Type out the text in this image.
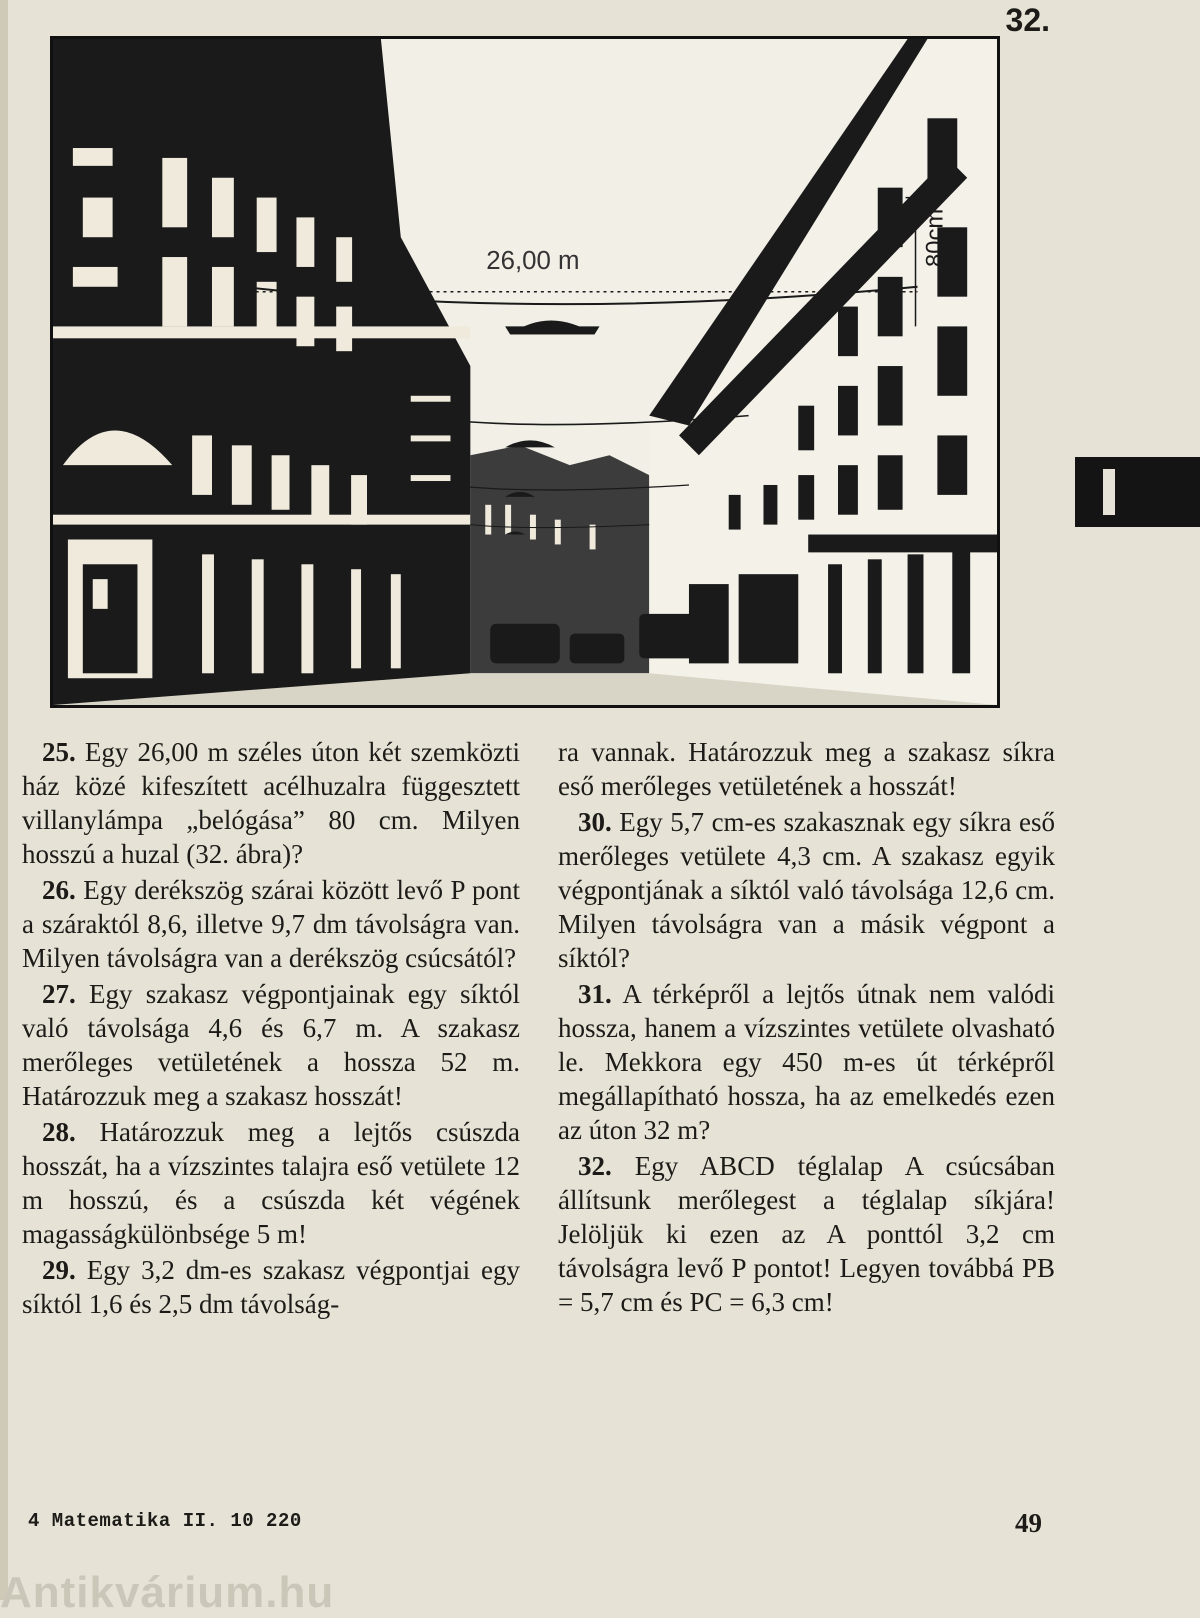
32.
26,00 m	80cm

25. Egy 26,00 m széles úton két szemközti ház közé kifeszített acélhuzalra függesztett villanylámpa „belógása” 80 cm. Milyen hosszú a huzal (32. ábra)?

26. Egy derékszög szárai között levő P pont a száraktól 8,6, illetve 9,7 dm távolságra van. Milyen távolságra van a derékszög csúcsától?

27. Egy szakasz végpontjainak egy síktól való távolsága 4,6 és 6,7 m. A szakasz merőleges vetületének a hossza 52 m. Határozzuk meg a szakasz hosszát!

28. Határozzuk meg a lejtős csúszda hosszát, ha a vízszintes talajra eső vetülete 12 m hosszú, és a csúszda két végének magasságkülönbsége 5 m!

29. Egy 3,2 dm-es szakasz végpontjai egy síktól 1,6 és 2,5 dm távolság-

ra vannak. Határozzuk meg a szakasz síkra eső merőleges vetületének a hosszát!

30. Egy 5,7 cm-es szakasznak egy síkra eső merőleges vetülete 4,3 cm. A szakasz egyik végpontjának a síktól való távolsága 12,6 cm. Milyen távolságra van a másik végpont a síktól?

31. A térképről a lejtős útnak nem valódi hossza, hanem a vízszintes vetülete olvasható le. Mekkora egy 450 m-es út térképről megállapítható hossza, ha az emelkedés ezen az úton 32 m?

32. Egy ABCD téglalap A csúcsában állítsunk merőlegest a téglalap síkjára! Jelöljük ki ezen az A ponttól 3,2 cm távolságra levő P pontot! Legyen továbbá PB = 5,7 cm és PC = 6,3 cm!

4 Matematika II. 10 220	49
Antikvárium.hu
